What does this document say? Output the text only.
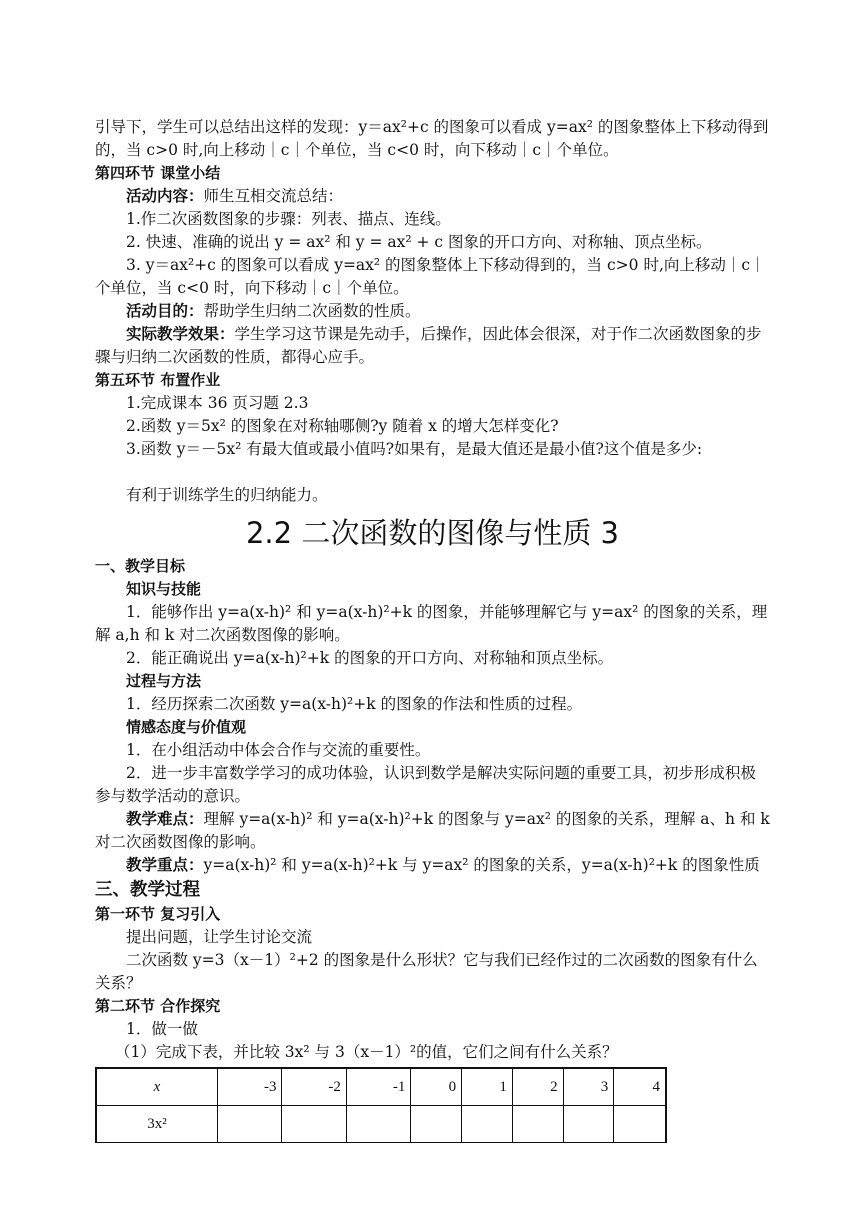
引导下，学生可以总结出这样的发现：y＝ax²+c 的图象可以看成 y=ax² 的图象整体上下移动得到的，当 c>0 时,向上移动｜c｜个单位，当 c<0 时，向下移动｜c｜个单位。

第四环节 课堂小结

活动内容：师生互相交流总结：

1.作二次函数图象的步骤：列表、描点、连线。

2. 快速、准确的说出 y = ax² 和 y = ax² + c 图象的开口方向、对称轴、顶点坐标。

3. y＝ax²+c 的图象可以看成 y=ax² 的图象整体上下移动得到的，当 c>0 时,向上移动｜c｜个单位，当 c<0 时，向下移动｜c｜个单位。

活动目的：帮助学生归纳二次函数的性质。

实际教学效果：学生学习这节课是先动手，后操作，因此体会很深，对于作二次函数图象的步骤与归纳二次函数的性质，都得心应手。

第五环节 布置作业

1.完成课本 36 页习题 2.3

2.函数 y＝5x² 的图象在对称轴哪侧?y 随着 x 的增大怎样变化?

3.函数 y＝－5x² 有最大值或最小值吗?如果有，是最大值还是最小值?这个值是多少:

有利于训练学生的归纳能力。

2.2 二次函数的图像与性质 3

一、教学目标

知识与技能

1．能够作出 y=a(x-h)² 和 y=a(x-h)²+k 的图象，并能够理解它与 y=ax² 的图象的关系，理解 a,h 和 k 对二次函数图像的影响。

2．能正确说出 y=a(x-h)²+k 的图象的开口方向、对称轴和顶点坐标。

过程与方法

1．经历探索二次函数 y=a(x-h)²+k 的图象的作法和性质的过程。

情感态度与价值观

1．在小组活动中体会合作与交流的重要性。

2．进一步丰富数学学习的成功体验，认识到数学是解决实际问题的重要工具，初步形成积极参与数学活动的意识。

教学难点：理解 y=a(x-h)² 和 y=a(x-h)²+k 的图象与 y=ax² 的图象的关系，理解 a、h 和 k 对二次函数图像的影响。

教学重点：y=a(x-h)² 和 y=a(x-h)²+k 与 y=ax² 的图象的关系，y=a(x-h)²+k 的图象性质

三、教学过程

第一环节 复习引入

提出问题，让学生讨论交流

二次函数 y=3（x－1）²+2 的图象是什么形状？它与我们已经作过的二次函数的图象有什么关系？

第二环节 合作探究

1．做一做

（1）完成下表，并比较 3x² 与 3（x－1）²的值，它们之间有什么关系？

x	-3	-2	-1	0	1	2	3	4
3x²								
